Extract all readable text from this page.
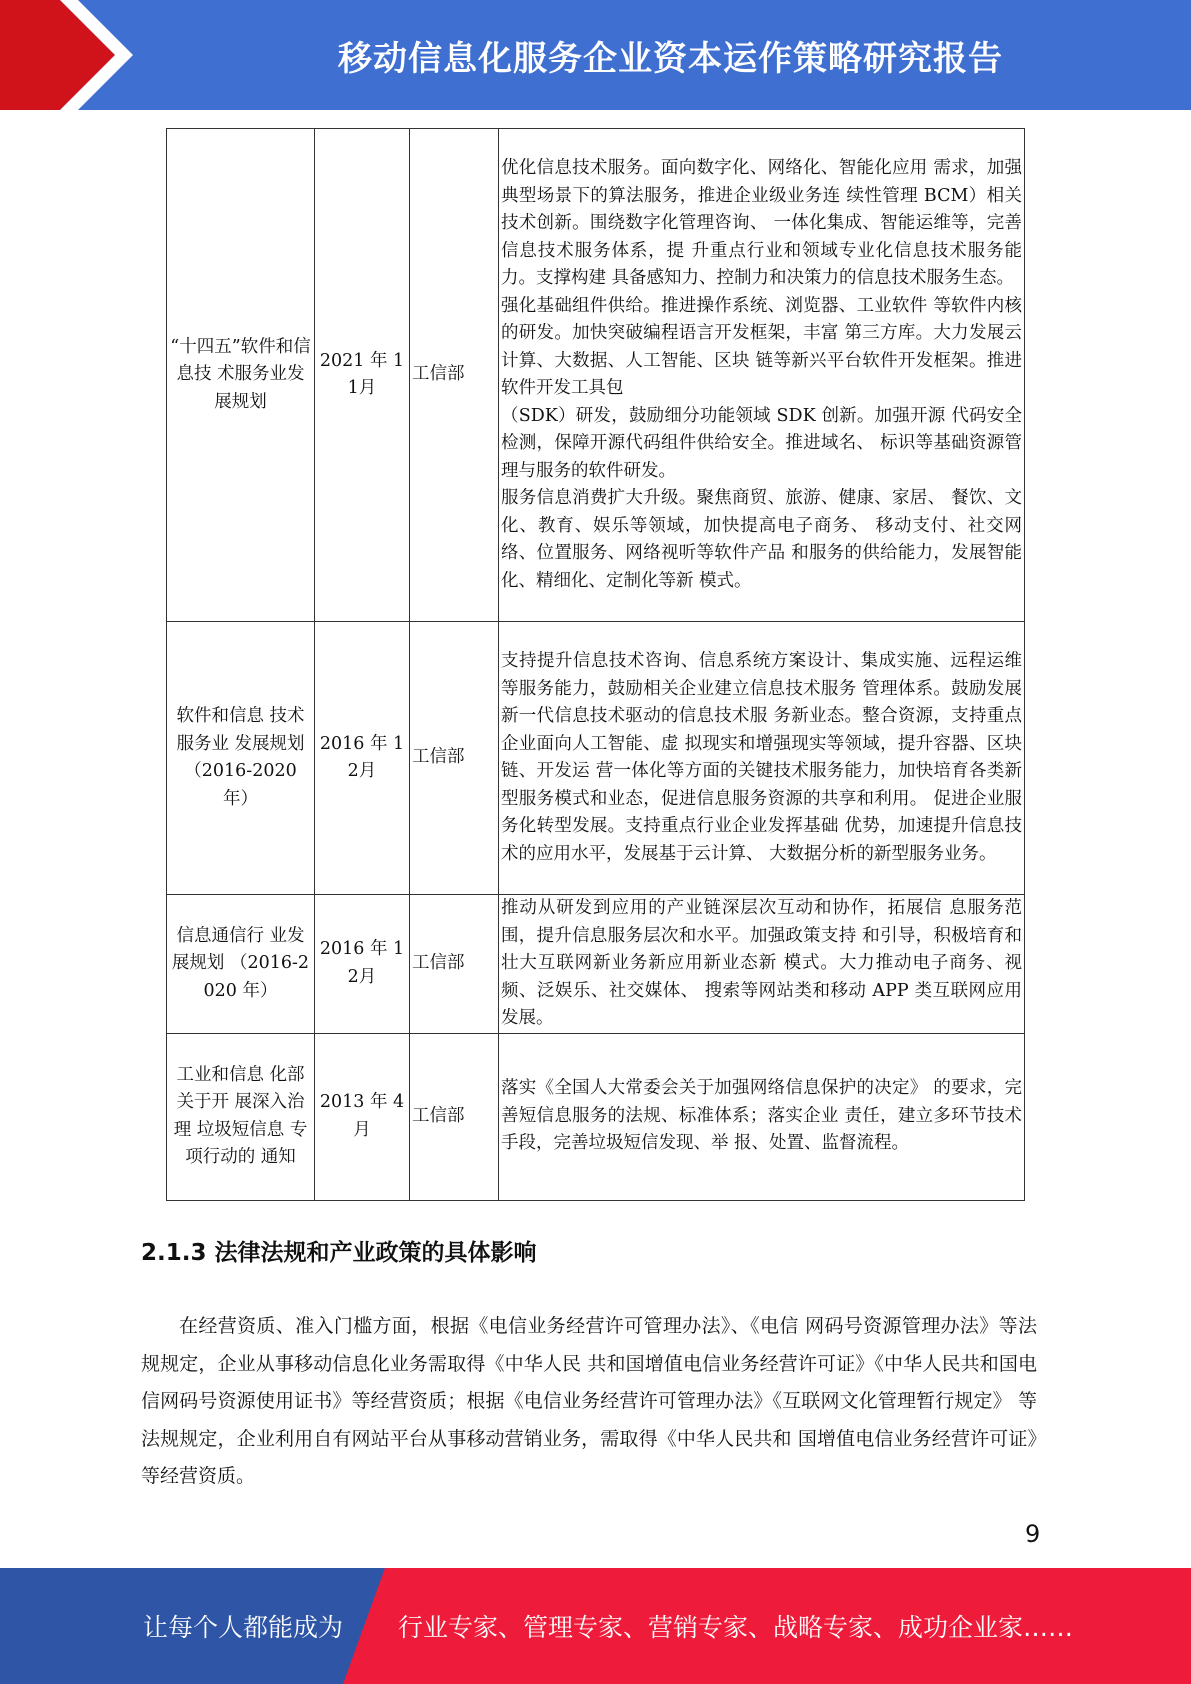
移动信息化服务企业资本运作策略研究报告
“十四五”软件和信息技 术服务业发 展规划	2021 年 11月	工信部	优化信息技术服务。面向数字化、网络化、智能化应用 需求，加强典型场景下的算法服务，推进企业级业务连 续性管理 BCM）相关技术创新。围绕数字化管理咨询、 一体化集成、智能运维等，完善信息技术服务体系，提 升重点行业和领域专业化信息技术服务能力。支撑构建 具备感知力、控制力和决策力的信息技术服务生态。
强化基础组件供给。推进操作系统、浏览器、工业软件 等软件内核的研发。加快突破编程语言开发框架，丰富 第三方库。大力发展云计算、大数据、人工智能、区块 链等新兴平台软件开发框架。推进软件开发工具包
（SDK）研发，鼓励细分功能领域 SDK 创新。加强开源 代码安全检测，保障开源代码组件供给安全。推进域名、 标识等基础资源管理与服务的软件研发。
服务信息消费扩大升级。聚焦商贸、旅游、健康、家居、 餐饮、文化、教育、娱乐等领域，加快提高电子商务、 移动支付、社交网络、位置服务、网络视听等软件产品 和服务的供给能力，发展智能化、精细化、定制化等新 模式。

软件和信息 技术服务业 发展规划 （2016-2020 年）	2016 年 12月	工信部	支持提升信息技术咨询、信息系统方案设计、集成实施、远程运维等服务能力，鼓励相关企业建立信息技术服务 管理体系。鼓励发展新一代信息技术驱动的信息技术服 务新业态。整合资源，支持重点企业面向人工智能、虚 拟现实和增强现实等领域，提升容器、区块链、开发运 营一体化等方面的关键技术服务能力，加快培育各类新 型服务模式和业态，促进信息服务资源的共享和利用。 促进企业服务化转型发展。支持重点行业企业发挥基础 优势，加速提升信息技术的应用水平，发展基于云计算、 大数据分析的新型服务业务。

信息通信行 业发展规划 （2016-2020 年）	2016 年 12月	工信部	推动从研发到应用的产业链深层次互动和协作，拓展信 息服务范围，提升信息服务层次和水平。加强政策支持 和引导，积极培育和壮大互联网新业务新应用新业态新 模式。大力推动电子商务、视频、泛娱乐、社交媒体、 搜索等网站类和移动 APP 类互联网应用发展。

工业和信息 化部关于开 展深入治理 垃圾短信息 专项行动的 通知	2013 年 4月	工信部	落实《全国人大常委会关于加强网络信息保护的决定》 的要求，完善短信息服务的法规、标准体系；落实企业 责任，建立多环节技术手段，完善垃圾短信发现、举 报、处置、监督流程。
2.1.3 法律法规和产业政策的具体影响
在经营资质、准入门槛方面，根据《电信业务经营许可管理办法》、《电信 网码号资源管理办法》等法规规定，企业从事移动信息化业务需取得《中华人民 共和国增值电信业务经营许可证》《中华人民共和国电信网码号资源使用证书》等经营资质；根据《电信业务经营许可管理办法》《互联网文化管理暂行规定》 等法规规定，企业利用自有网站平台从事移动营销业务，需取得《中华人民共和 国增值电信业务经营许可证》等经营资质。
9
让每个人都能成为 行业专家、管理专家、营销专家、战略专家、成功企业家……
